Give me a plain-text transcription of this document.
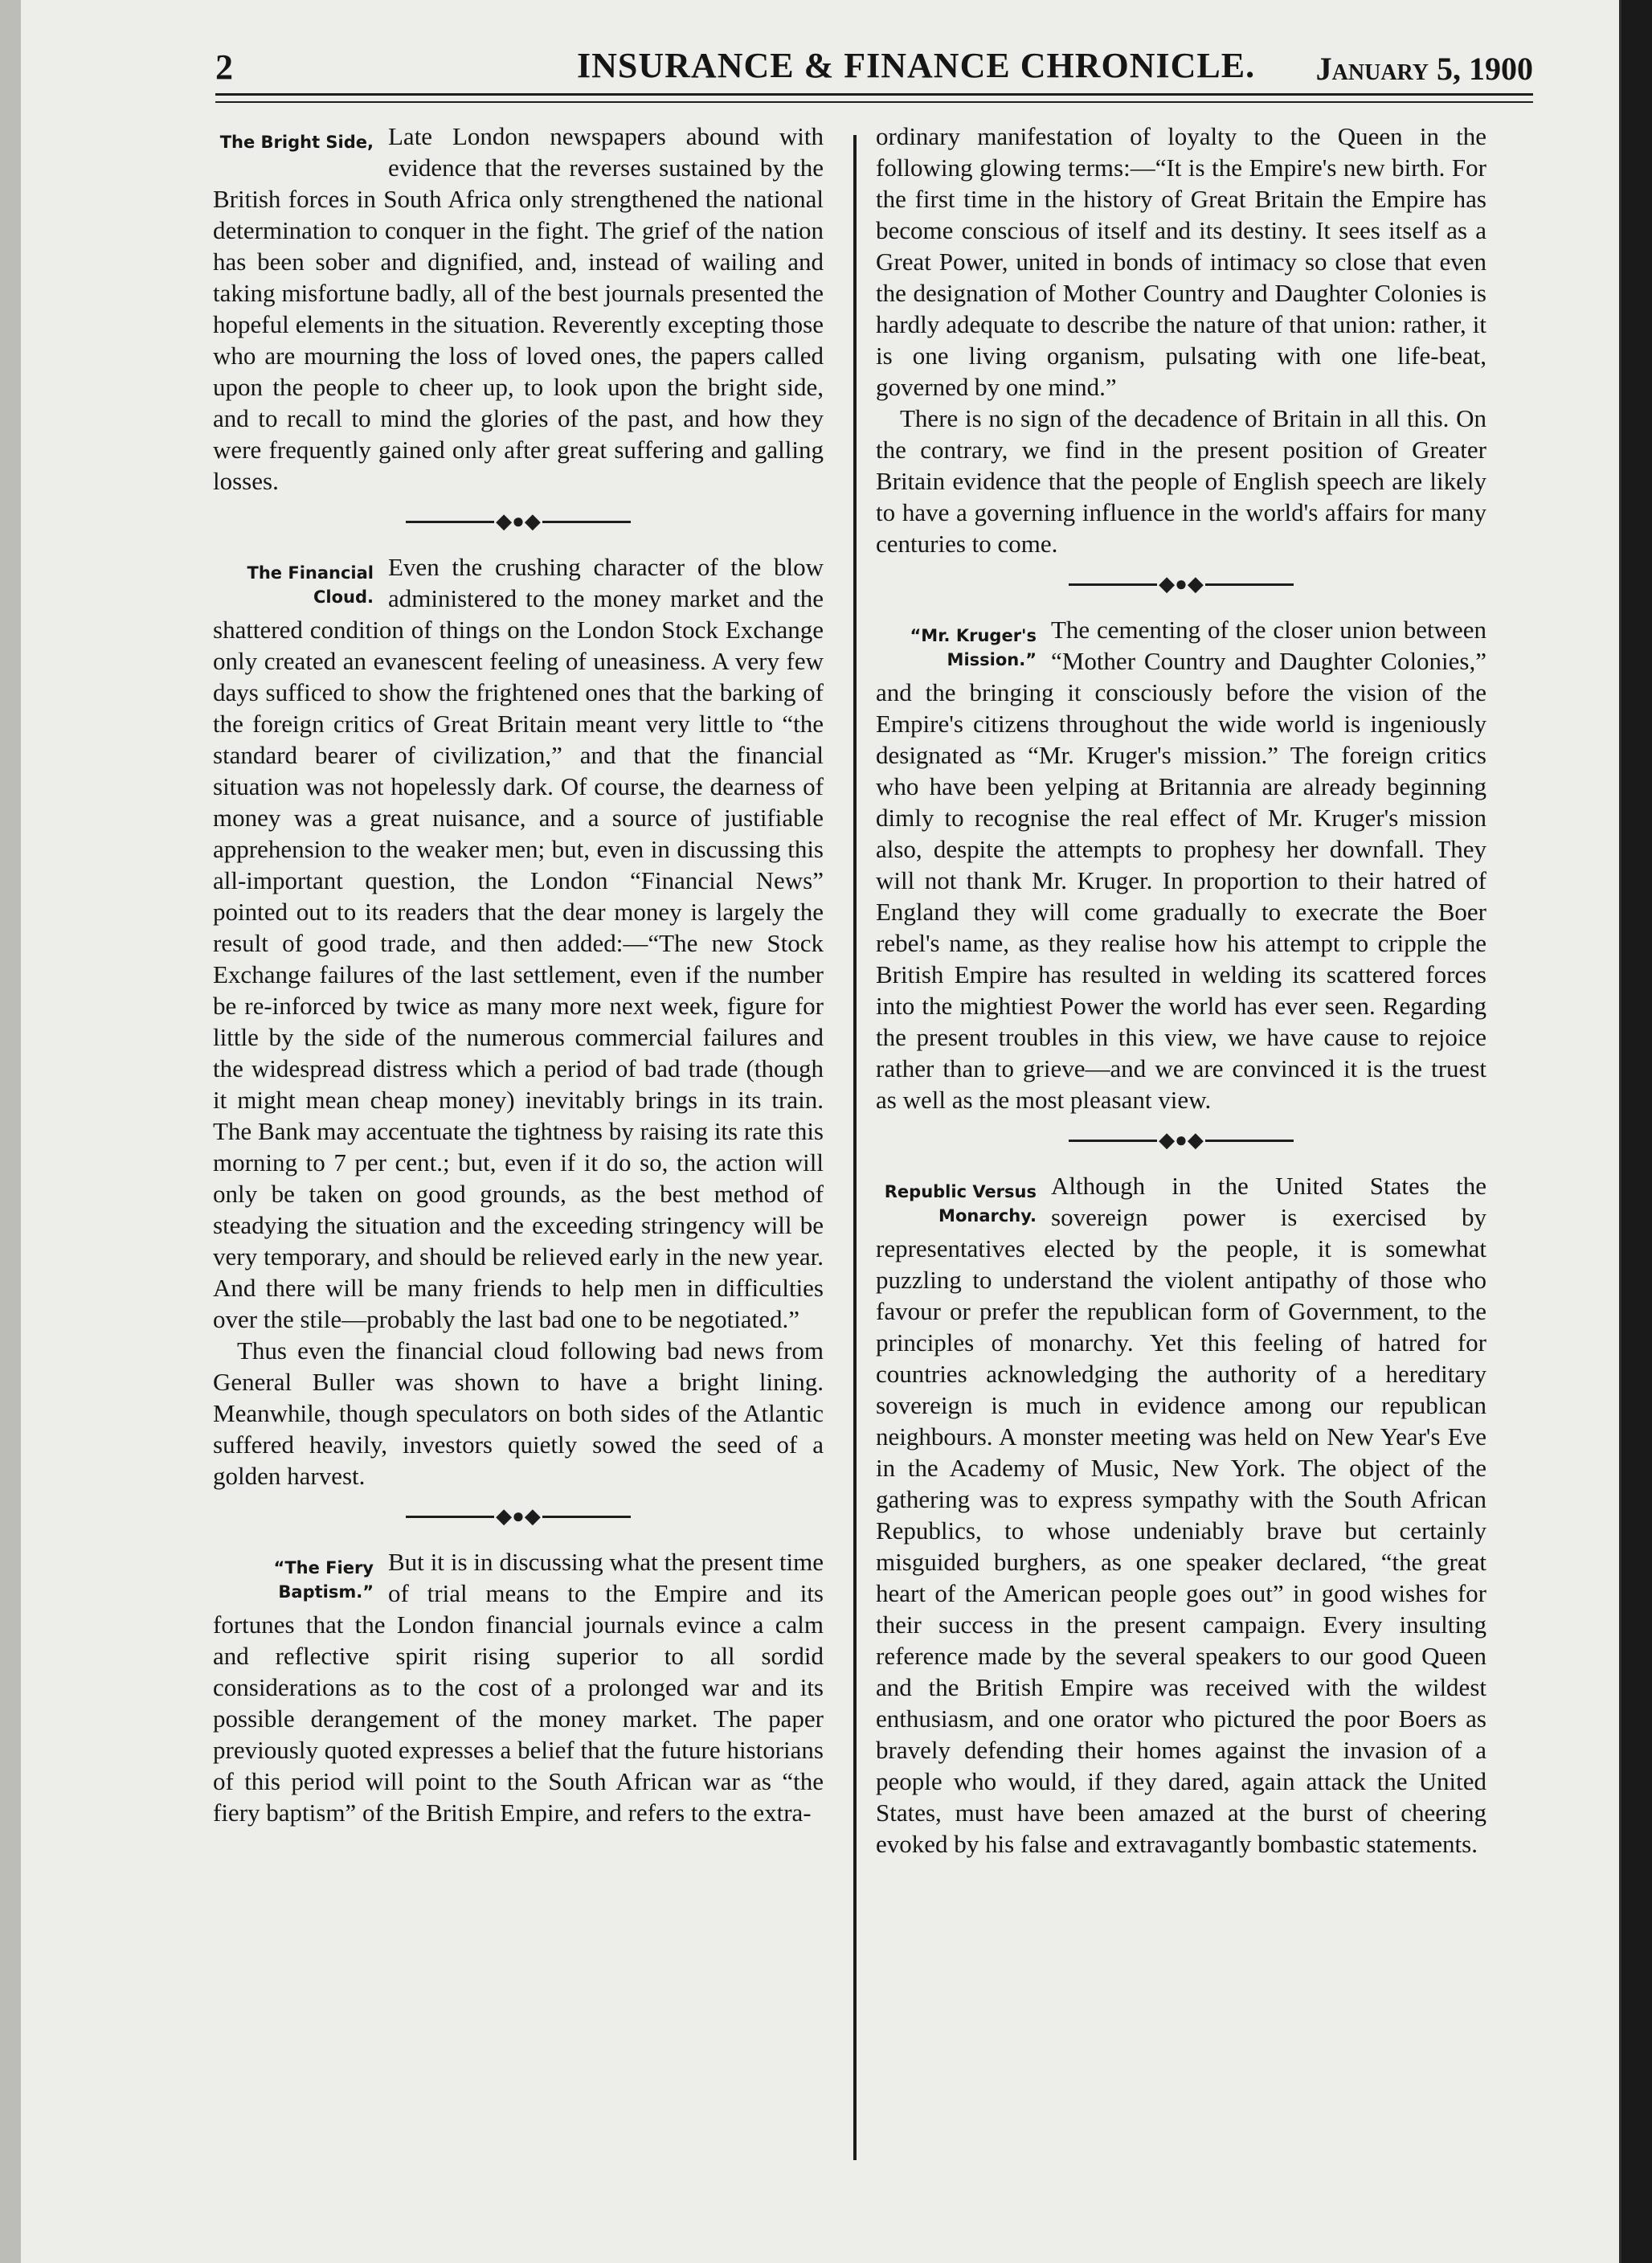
2	INSURANCE & FINANCE CHRONICLE. January 5, 1900
The Bright Side, Late London newspapers abound with evidence that the reverses sustained by the British forces in South Africa only strengthened the national determination to conquer in the fight. The grief of the nation has been sober and dignified, and, instead of wailing and taking misfortune badly, all of the best journals presented the hopeful elements in the situation. Reverently excepting those who are mourning the loss of loved ones, the papers called upon the people to cheer up, to look upon the bright side, and to recall to mind the glories of the past, and how they were frequently gained only after great suffering and galling losses.

◆●◆
The Financial Cloud.

Even the crushing character of the blow administered to the money market and the shattered condition of things on the London Stock Exchange only created an evanescent feeling of uneasiness. A very few days sufficed to show the frightened ones that the barking of the foreign critics of Great Britain meant very little to “the standard bearer of civilization,” and that the financial situation was not hopelessly dark. Of course, the dearness of money was a great nuisance, and a source of justifiable apprehension to the weaker men; but, even in discussing this all-important question, the London “Financial News” pointed out to its readers that the dear money is largely the result of good trade, and then added:—“The new Stock Exchange failures of the last settlement, even if the number be re-inforced by twice as many more next week, figure for little by the side of the numerous commercial failures and the widespread distress which a period of bad trade (though it might mean cheap money) inevitably brings in its train. The Bank may accentuate the tightness by raising its rate this morning to 7 per cent.; but, even if it do so, the action will only be taken on good grounds, as the best method of steadying the situation and the exceeding stringency will be very temporary, and should be relieved early in the new year. And there will be many friends to help men in difficulties over the stile—probably the last bad one to be negotiated.”

Thus even the financial cloud following bad news from General Buller was shown to have a bright lining. Meanwhile, though speculators on both sides of the Atlantic suffered heavily, investors quietly sowed the seed of a golden harvest.

◆●◆
“The Fiery Baptism.”

But it is in discussing what the present time of trial means to the Empire and its fortunes that the London financial journals evince a calm and reflective spirit rising superior to all sordid considerations as to the cost of a prolonged war and its possible derangement of the money market. The paper previously quoted expresses a belief that the future historians of this period will point to the South African war as “the fiery baptism” of the British Empire, and refers to the extra-

ordinary manifestation of loyalty to the Queen in the following glowing terms:—“It is the Empire's new birth. For the first time in the history of Great Britain the Empire has become conscious of itself and its destiny. It sees itself as a Great Power, united in bonds of intimacy so close that even the designation of Mother Country and Daughter Colonies is hardly adequate to describe the nature of that union: rather, it is one living organism, pulsating with one life-beat, governed by one mind.”

There is no sign of the decadence of Britain in all this. On the contrary, we find in the present position of Greater Britain evidence that the people of English speech are likely to have a governing influence in the world's affairs for many centuries to come.

◆●◆
“Mr. Kruger's Mission.”

The cementing of the closer union between “Mother Country and Daughter Colonies,” and the bringing it consciously before the vision of the Empire's citizens throughout the wide world is ingeniously designated as “Mr. Kruger's mission.” The foreign critics who have been yelping at Britannia are already beginning dimly to recognise the real effect of Mr. Kruger's mission also, despite the attempts to prophesy her downfall. They will not thank Mr. Kruger. In proportion to their hatred of England they will come gradually to execrate the Boer rebel's name, as they realise how his attempt to cripple the British Empire has resulted in welding its scattered forces into the mightiest Power the world has ever seen. Regarding the present troubles in this view, we have cause to rejoice rather than to grieve—and we are convinced it is the truest as well as the most pleasant view.

◆●◆
Republic Versus Monarchy.

Although in the United States the sovereign power is exercised by representatives elected by the people, it is somewhat puzzling to understand the violent antipathy of those who favour or prefer the republican form of Government, to the principles of monarchy. Yet this feeling of hatred for countries acknowledging the authority of a hereditary sovereign is much in evidence among our republican neighbours. A monster meeting was held on New Year's Eve in the Academy of Music, New York. The object of the gathering was to express sympathy with the South African Republics, to whose undeniably brave but certainly misguided burghers, as one speaker declared, “the great heart of the American people goes out” in good wishes for their success in the present campaign. Every insulting reference made by the several speakers to our good Queen and the British Empire was received with the wildest enthusiasm, and one orator who pictured the poor Boers as bravely defending their homes against the invasion of a people who would, if they dared, again attack the United States, must have been amazed at the burst of cheering evoked by his false and extravagantly bombastic statements.
